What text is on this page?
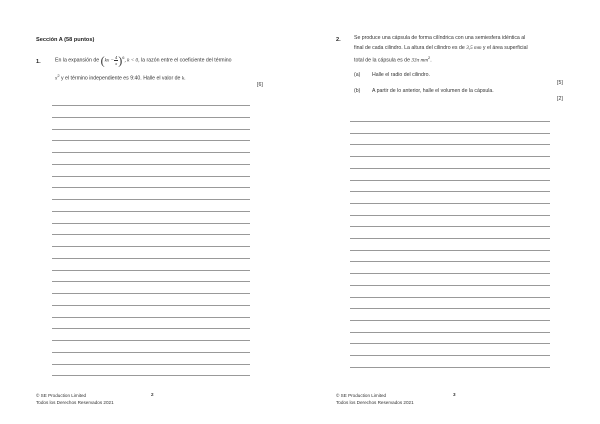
Sección A (58 puntos)
1.	En la expansión de $(kx - \frac{4}{x} )^6$, k < 0, la razón entre el coeficiente del término
$x^2$ y el término independiente es 9:40. Halle el valor de k.
[6]
© SE Production Limited
Todos los Derechos Reservados 2021
2
2.	Se produce una cápsula de forma cilíndrica con una semiesfera idéntica al
final de cada cilindro. La altura del cilindro es de 3,5 mm y el área superficial
total de la cápsula es de 33π $mm^2$.
(a) Halle el radio del cilindro.
[5]
(b) A partir de lo anterior, halle el volumen de la cápsula.
[2]
© SE Production Limited
Todos los Derechos Reservados 2021
3
